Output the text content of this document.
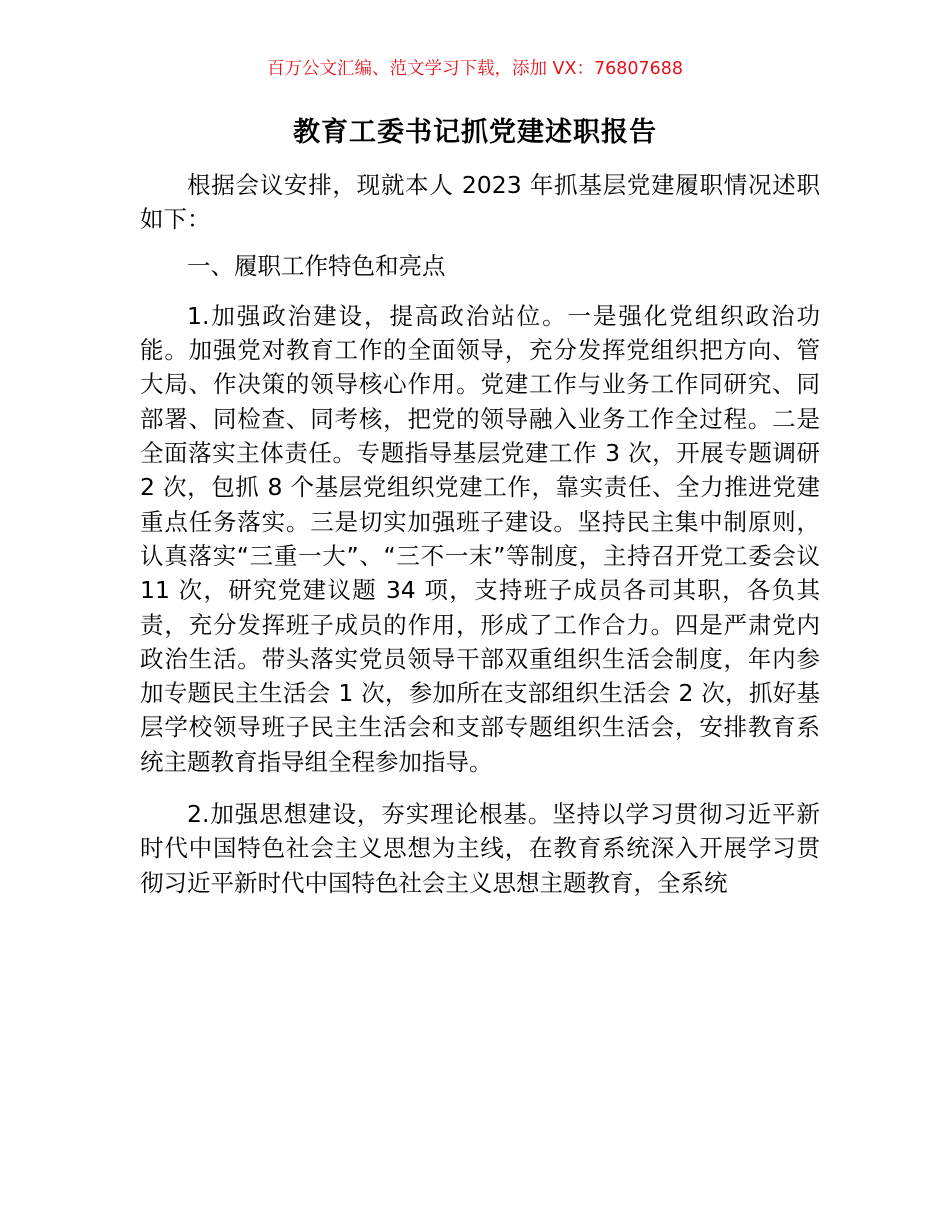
百万公文汇编、范文学习下载，添加 VX：76807688
教育工委书记抓党建述职报告

根据会议安排，现就本人 2023 年抓基层党建履职情况述职如下：

一、履职工作特色和亮点

1.加强政治建设，提高政治站位。一是强化党组织政治功能。加强党对教育工作的全面领导，充分发挥党组织把方向、管大局、作决策的领导核心作用。党建工作与业务工作同研究、同部署、同检查、同考核，把党的领导融入业务工作全过程。二是全面落实主体责任。专题指导基层党建工作 3 次，开展专题调研 2 次，包抓 8 个基层党组织党建工作，靠实责任、全力推进党建重点任务落实。三是切实加强班子建设。坚持民主集中制原则，认真落实“三重一大”、“三不一末”等制度，主持召开党工委会议 11 次，研究党建议题 34 项，支持班子成员各司其职，各负其责，充分发挥班子成员的作用，形成了工作合力。四是严肃党内政治生活。带头落实党员领导干部双重组织生活会制度，年内参加专题民主生活会 1 次，参加所在支部组织生活会 2 次，抓好基层学校领导班子民主生活会和支部专题组织生活会，安排教育系统主题教育指导组全程参加指导。

2.加强思想建设，夯实理论根基。坚持以学习贯彻习近平新时代中国特色社会主义思想为主线，在教育系统深入开展学习贯彻习近平新时代中国特色社会主义思想主题教育，全系统
